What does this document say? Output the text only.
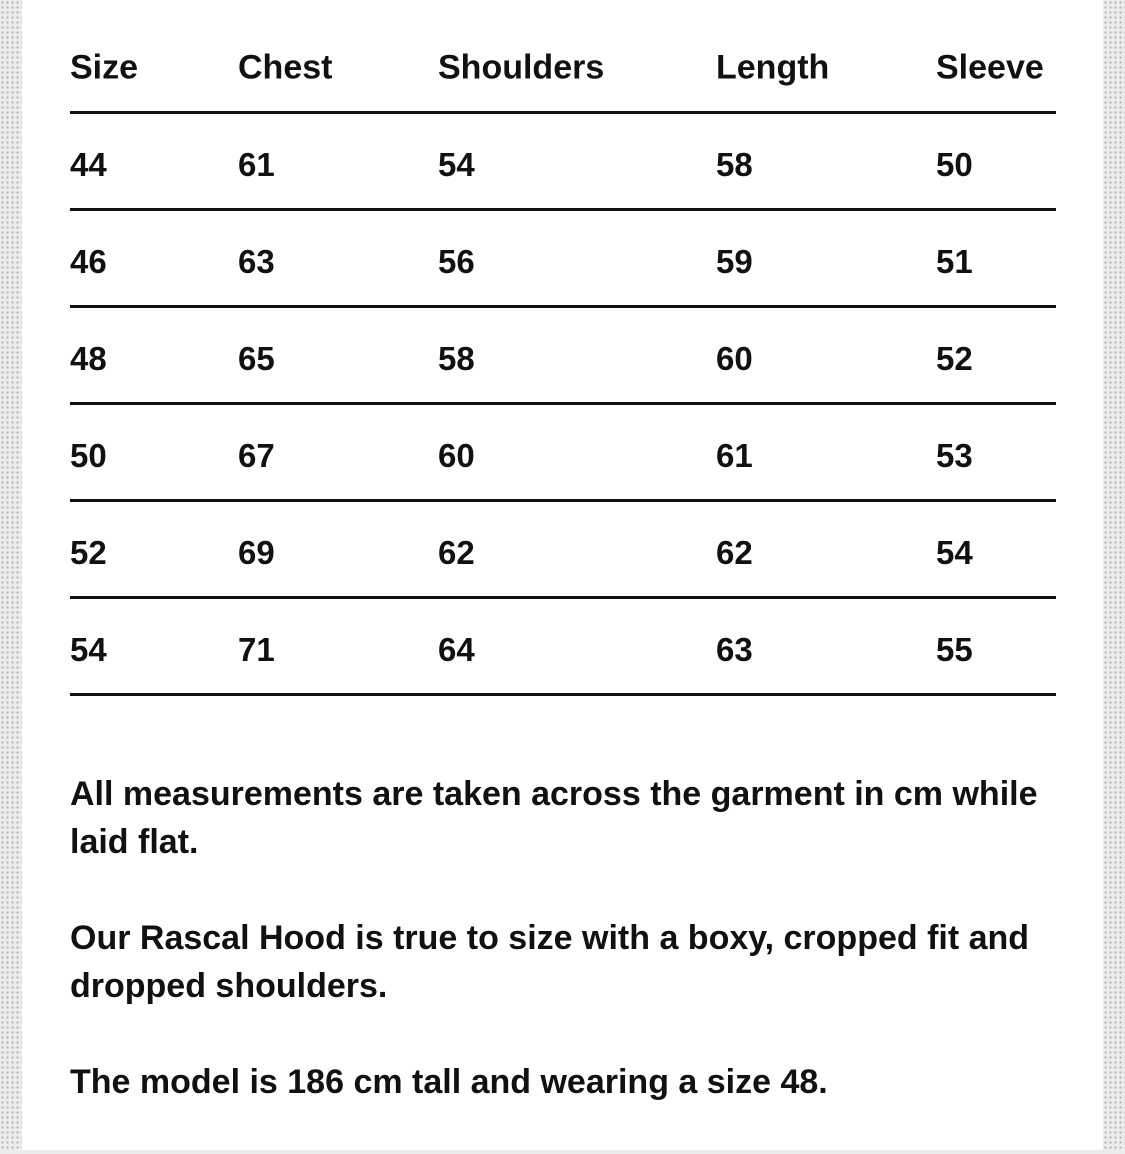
Size	Chest	Shoulders	Length	Sleeve
44	61	54	58	50
46	63	56	59	51
48	65	58	60	52
50	67	60	61	53
52	69	62	62	54
54	71	64	63	55

All measurements are taken across the garment in cm while laid flat.

Our Rascal Hood is true to size with a boxy, cropped fit and dropped shoulders.

The model is 186 cm tall and wearing a size 48.
